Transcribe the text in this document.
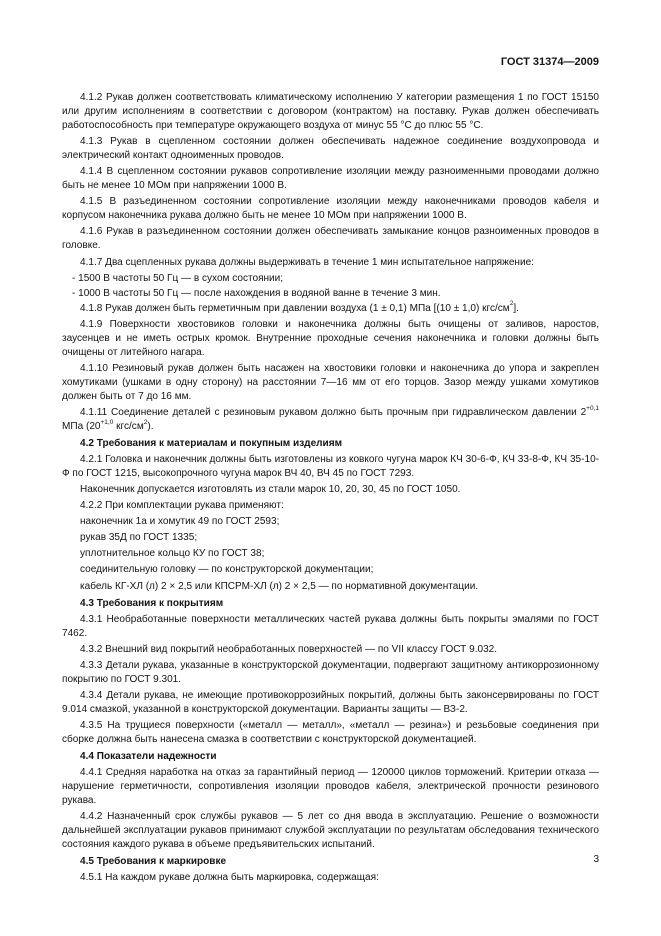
ГОСТ 31374—2009

4.1.2 Рукав должен соответствовать климатическому исполнению У категории размещения 1 по ГОСТ 15150 или другим исполнениям в соответствии с договором (контрактом) на поставку. Рукав должен обеспечивать работоспособность при температуре окружающего воздуха от минус 55 °С до плюс 55 °С.

4.1.3 Рукав в сцепленном состоянии должен обеспечивать надежное соединение воздухопровода и электрический контакт одноименных проводов.

4.1.4 В сцепленном состоянии рукавов сопротивление изоляции между разноименными проводами должно быть не менее 10 МОм при напряжении 1000 В.

4.1.5 В разъединенном состоянии сопротивление изоляции между наконечниками проводов кабеля и корпусом наконечника рукава должно быть не менее 10 МОм при напряжении 1000 В.

4.1.6 Рукав в разъединенном состоянии должен обеспечивать замыкание концов разноименных проводов в головке.

4.1.7 Два сцепленных рукава должны выдерживать в течение 1 мин испытательное напряжение:

- 1500 В частоты 50 Гц — в сухом состоянии;

- 1000 В частоты 50 Гц — после нахождения в водяной ванне в течение 3 мин.

4.1.8 Рукав должен быть герметичным при давлении воздуха (1 ± 0,1) МПа [(10 ± 1,0) кгс/$см^2$].

4.1.9 Поверхности хвостовиков головки и наконечника должны быть очищены от заливов, наростов, заусенцев и не иметь острых кромок. Внутренние проходные сечения наконечника и головки должны быть очищены от литейного нагара.

4.1.10 Резиновый рукав должен быть насажен на хвостовики головки и наконечника до упора и закреплен хомутиками (ушками в одну сторону) на расстоянии 7—16 мм от его торцов. Зазор между ушками хомутиков должен быть от 7 до 16 мм.

4.1.11 Соединение деталей с резиновым рукавом должно быть прочным при гидравлическом давлении $2^{+0,1}$ МПа ($20^{+1,0}$ кгс/$см^2$).

4.2 Требования к материалам и покупным изделиям

4.2.1 Головка и наконечник должны быть изготовлены из ковкого чугуна марок КЧ 30-6-Ф, КЧ 33-8-Ф, КЧ 35-10-Ф по ГОСТ 1215, высокопрочного чугуна марок ВЧ 40, ВЧ 45 по ГОСТ 7293.

Наконечник допускается изготовлять из стали марок 10, 20, 30, 45 по ГОСТ 1050.

4.2.2 При комплектации рукава применяют:

наконечник 1а и хомутик 49 по ГОСТ 2593;

рукав 35Д по ГОСТ 1335;

уплотнительное кольцо КУ по ГОСТ 38;

соединительную головку — по конструкторской документации;

кабель КГ-ХЛ (л) 2 × 2,5 или КПСРМ-ХЛ (л) 2 × 2,5 — по нормативной документации.

4.3 Требования к покрытиям

4.3.1 Необработанные поверхности металлических частей рукава должны быть покрыты эмалями по ГОСТ 7462.

4.3.2 Внешний вид покрытий необработанных поверхностей — по VII классу ГОСТ 9.032.

4.3.3 Детали рукава, указанные в конструкторской документации, подвергают защитному антикоррозионному покрытию по ГОСТ 9.301.

4.3.4 Детали рукава, не имеющие противокоррозийных покрытий, должны быть законсервированы по ГОСТ 9.014 смазкой, указанной в конструкторской документации. Варианты защиты — ВЗ-2.

4.3.5 На трущиеся поверхности («металл — металл», «металл — резина») и резьбовые соединения при сборке должна быть нанесена смазка в соответствии с конструкторской документацией.

4.4 Показатели надежности

4.4.1 Средняя наработка на отказ за гарантийный период — 120000 циклов торможений. Критерии отказа — нарушение герметичности, сопротивления изоляции проводов кабеля, электрической прочности резинового рукава.

4.4.2 Назначенный срок службы рукавов — 5 лет со дня ввода в эксплуатацию. Решение о возможности дальнейшей эксплуатации рукавов принимают службой эксплуатации по результатам обследования технического состояния каждого рукава в объеме предъявительских испытаний.

4.5 Требования к маркировке

4.5.1 На каждом рукаве должна быть маркировка, содержащая:

3
